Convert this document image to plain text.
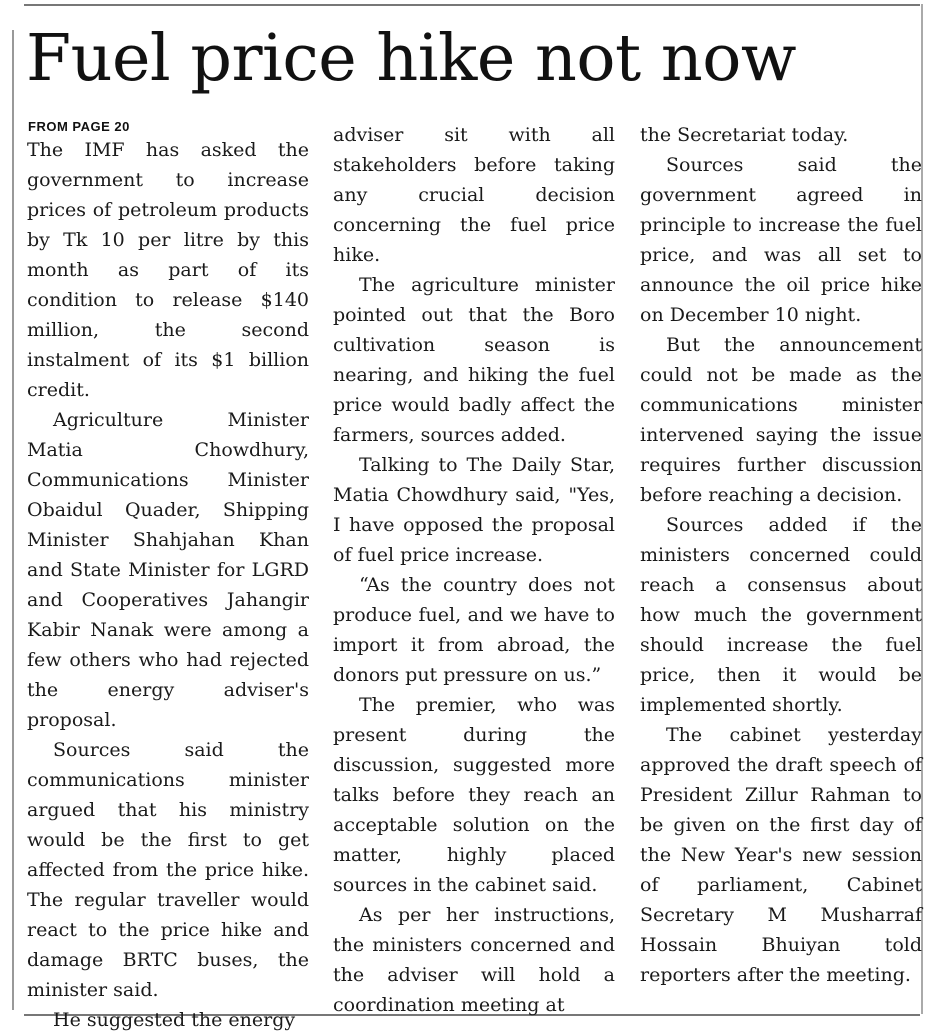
Fuel price hike not now
FROM PAGE 20

The IMF has asked the government to increase prices of petroleum products by Tk 10 per litre by this month as part of its condition to release $140 million, the second instalment of its $1 billion credit.

Agriculture Minister Matia Chowdhury, Communications Minister Obaidul Quader, Shipping Minister Shahjahan Khan and State Minister for LGRD and Cooperatives Jahangir Kabir Nanak were among a few others who had rejected the energy adviser's proposal.

Sources said the communications minister argued that his ministry would be the first to get affected from the price hike. The regular traveller would react to the price hike and damage BRTC buses, the minister said.

He suggested the energy

adviser sit with all stakeholders before taking any crucial decision concerning the fuel price hike.

The agriculture minister pointed out that the Boro cultivation season is nearing, and hiking the fuel price would badly affect the farmers, sources added.

Talking to The Daily Star, Matia Chowdhury said, "Yes, I have opposed the proposal of fuel price increase.

“As the country does not produce fuel, and we have to import it from abroad, the donors put pressure on us.”

The premier, who was present during the discussion, suggested more talks before they reach an acceptable solution on the matter, highly placed sources in the cabinet said.

As per her instructions, the ministers concerned and the adviser will hold a coordination meeting at

the Secretariat today.

Sources said the government agreed in principle to increase the fuel price, and was all set to announce the oil price hike on December 10 night.

But the announcement could not be made as the communications minister intervened saying the issue requires further discussion before reaching a decision.

Sources added if the ministers concerned could reach a consensus about how much the government should increase the fuel price, then it would be implemented shortly.

The cabinet yesterday approved the draft speech of President Zillur Rahman to be given on the first day of the New Year's new session of parliament, Cabinet Secretary M Musharraf Hossain Bhuiyan told reporters after the meeting.
